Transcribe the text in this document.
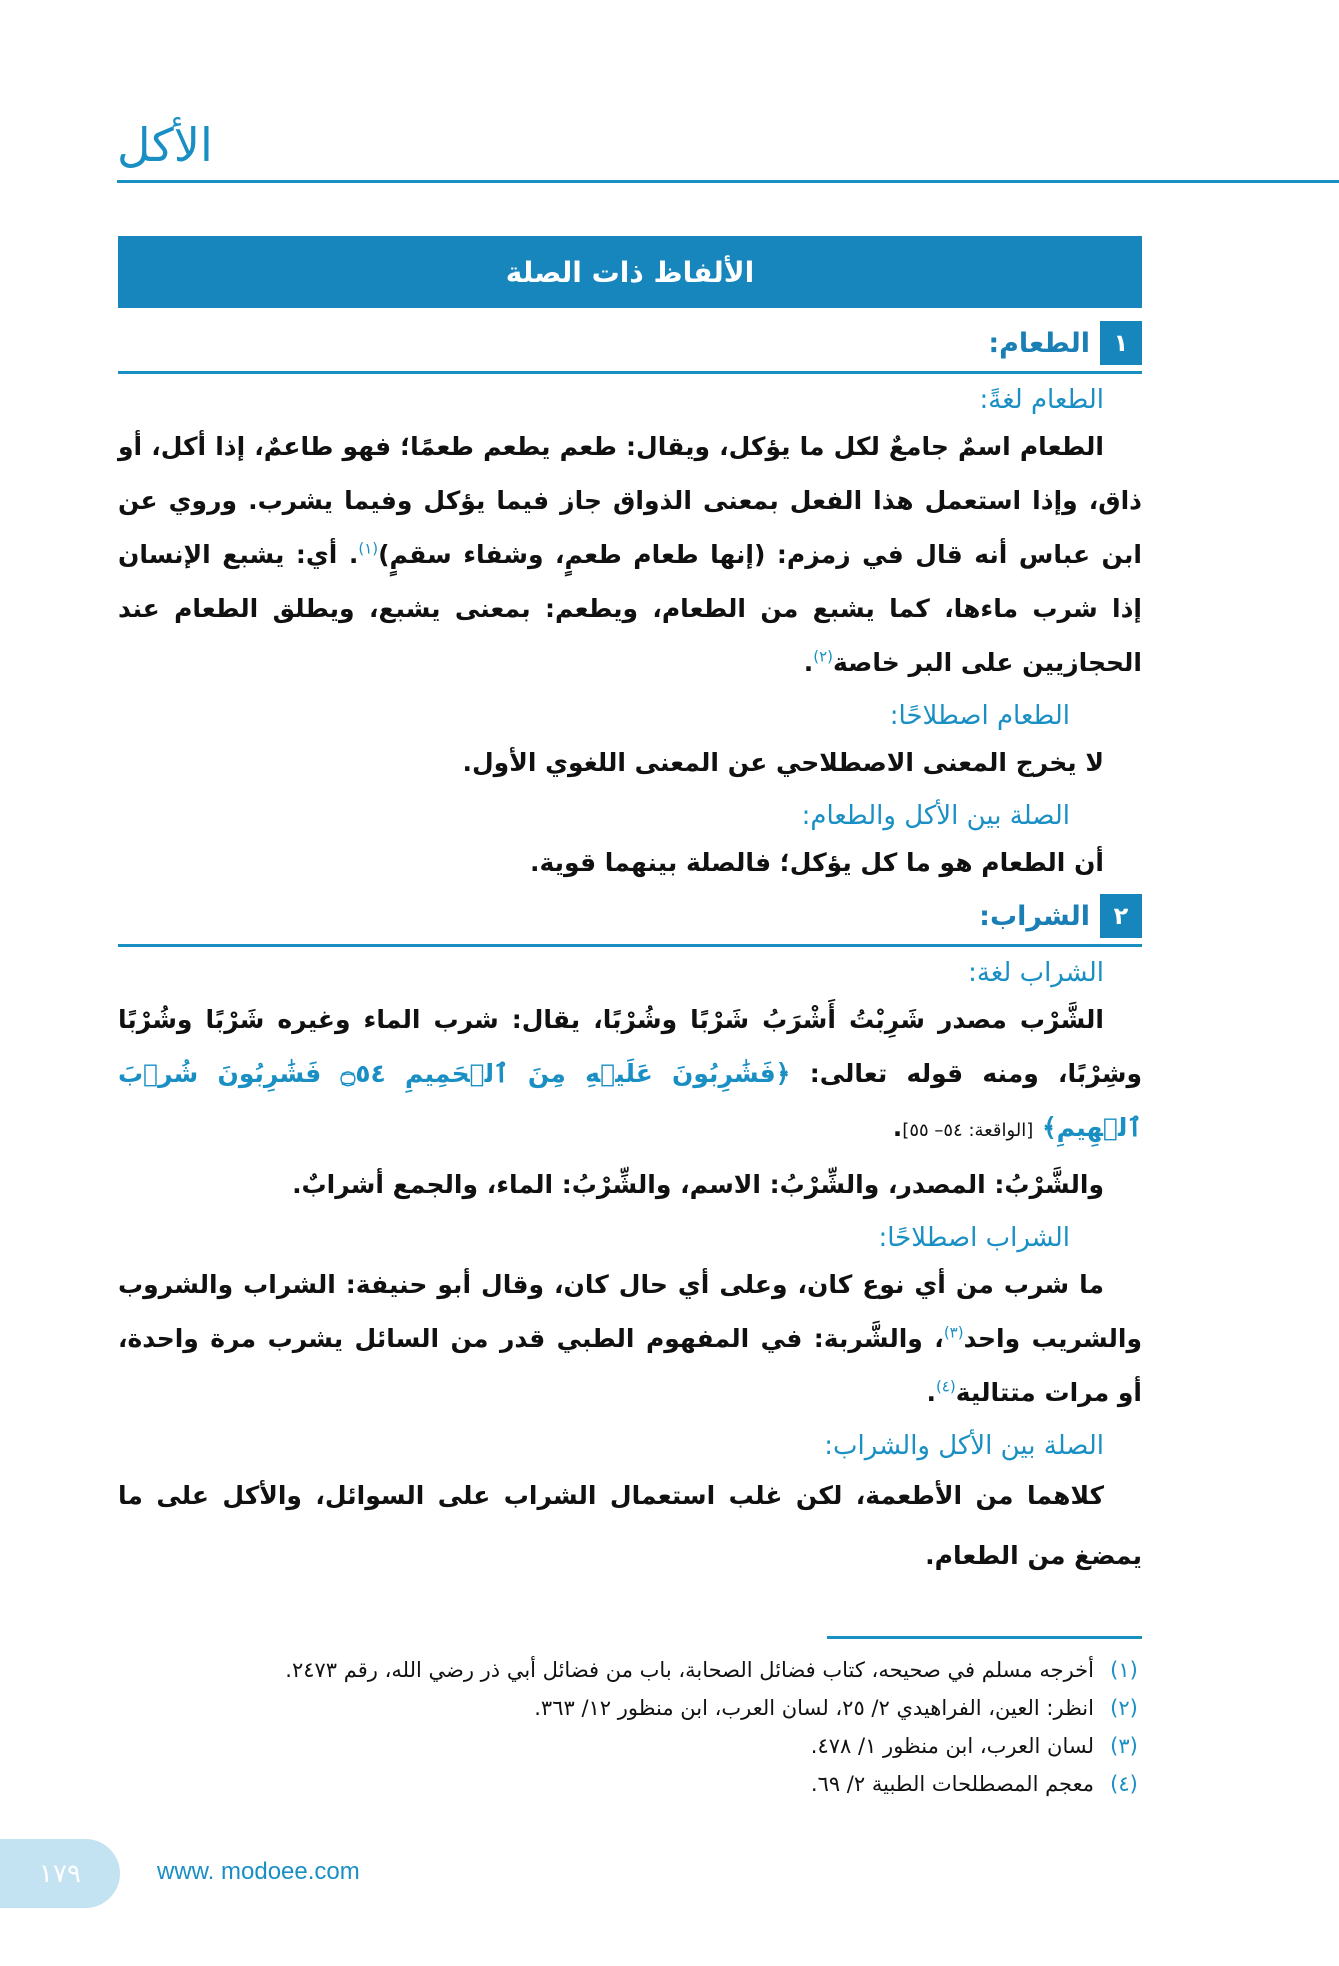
الأكل
الألفاظ ذات الصلة
١
الطعام:
الطعام لغةً:
الطعام اسمٌ جامعٌ لكل ما يؤكل، ويقال: طعم يطعم طعمًا؛ فهو طاعمٌ، إذا أكل، أو ذاق، وإذا استعمل هذا الفعل بمعنى الذواق جاز فيما يؤكل وفيما يشرب. وروي عن ابن عباس أنه قال في زمزم: (إنها طعام طعمٍ، وشفاء سقمٍ)$^{(١)}$. أي: يشبع الإنسان إذا شرب ماءها، كما يشبع من الطعام، ويطعم: بمعنى يشبع، ويطلق الطعام عند الحجازيين على البر خاصة$^{(٢)}$.
الطعام اصطلاحًا:
لا يخرج المعنى الاصطلاحي عن المعنى اللغوي الأول.
الصلة بين الأكل والطعام:
أن الطعام هو ما كل يؤكل؛ فالصلة بينهما قوية.
٢
الشراب:
الشراب لغة:
الشَّرْب مصدر شَرِبْتُ أَشْرَبُ شَرْبًا وشُرْبًا، يقال: شرب الماء وغيره شَرْبًا وشُرْبًا وشِرْبًا، ومنه قوله تعالى: ﴿فَشَٰرِبُونَ عَلَيۡهِ مِنَ ٱلۡحَمِيمِ ۝٥٤ فَشَٰرِبُونَ شُرۡبَ ٱلۡهِيمِ﴾ [الواقعة: ٥٤– ٥٥].
والشَّرْبُ: المصدر، والشِّرْبُ: الاسم، والشِّرْبُ: الماء، والجمع أشرابٌ.
الشراب اصطلاحًا:
ما شرب من أي نوع كان، وعلى أي حال كان، وقال أبو حنيفة: الشراب والشروب والشريب واحد$^{(٣)}$، والشَّربة: في المفهوم الطبي قدر من السائل يشرب مرة واحدة، أو مرات متتالية$^{(٤)}$.
الصلة بين الأكل والشراب:
كلاهما من الأطعمة، لكن غلب استعمال الشراب على السوائل، والأكل على ما يمضغ من الطعام.
(١)
أخرجه مسلم في صحيحه، كتاب فضائل الصحابة، باب من فضائل أبي ذر رضي الله، رقم ٢٤٧٣.
(٢)
انظر: العين، الفراهيدي ٢/ ٢٥، لسان العرب، ابن منظور ١٢/ ٣٦٣.
(٣)
لسان العرب، ابن منظور ١/ ٤٧٨.
(٤)
معجم المصطلحات الطبية ٢/ ٦٩.
١٧٩	www. modoee.com
